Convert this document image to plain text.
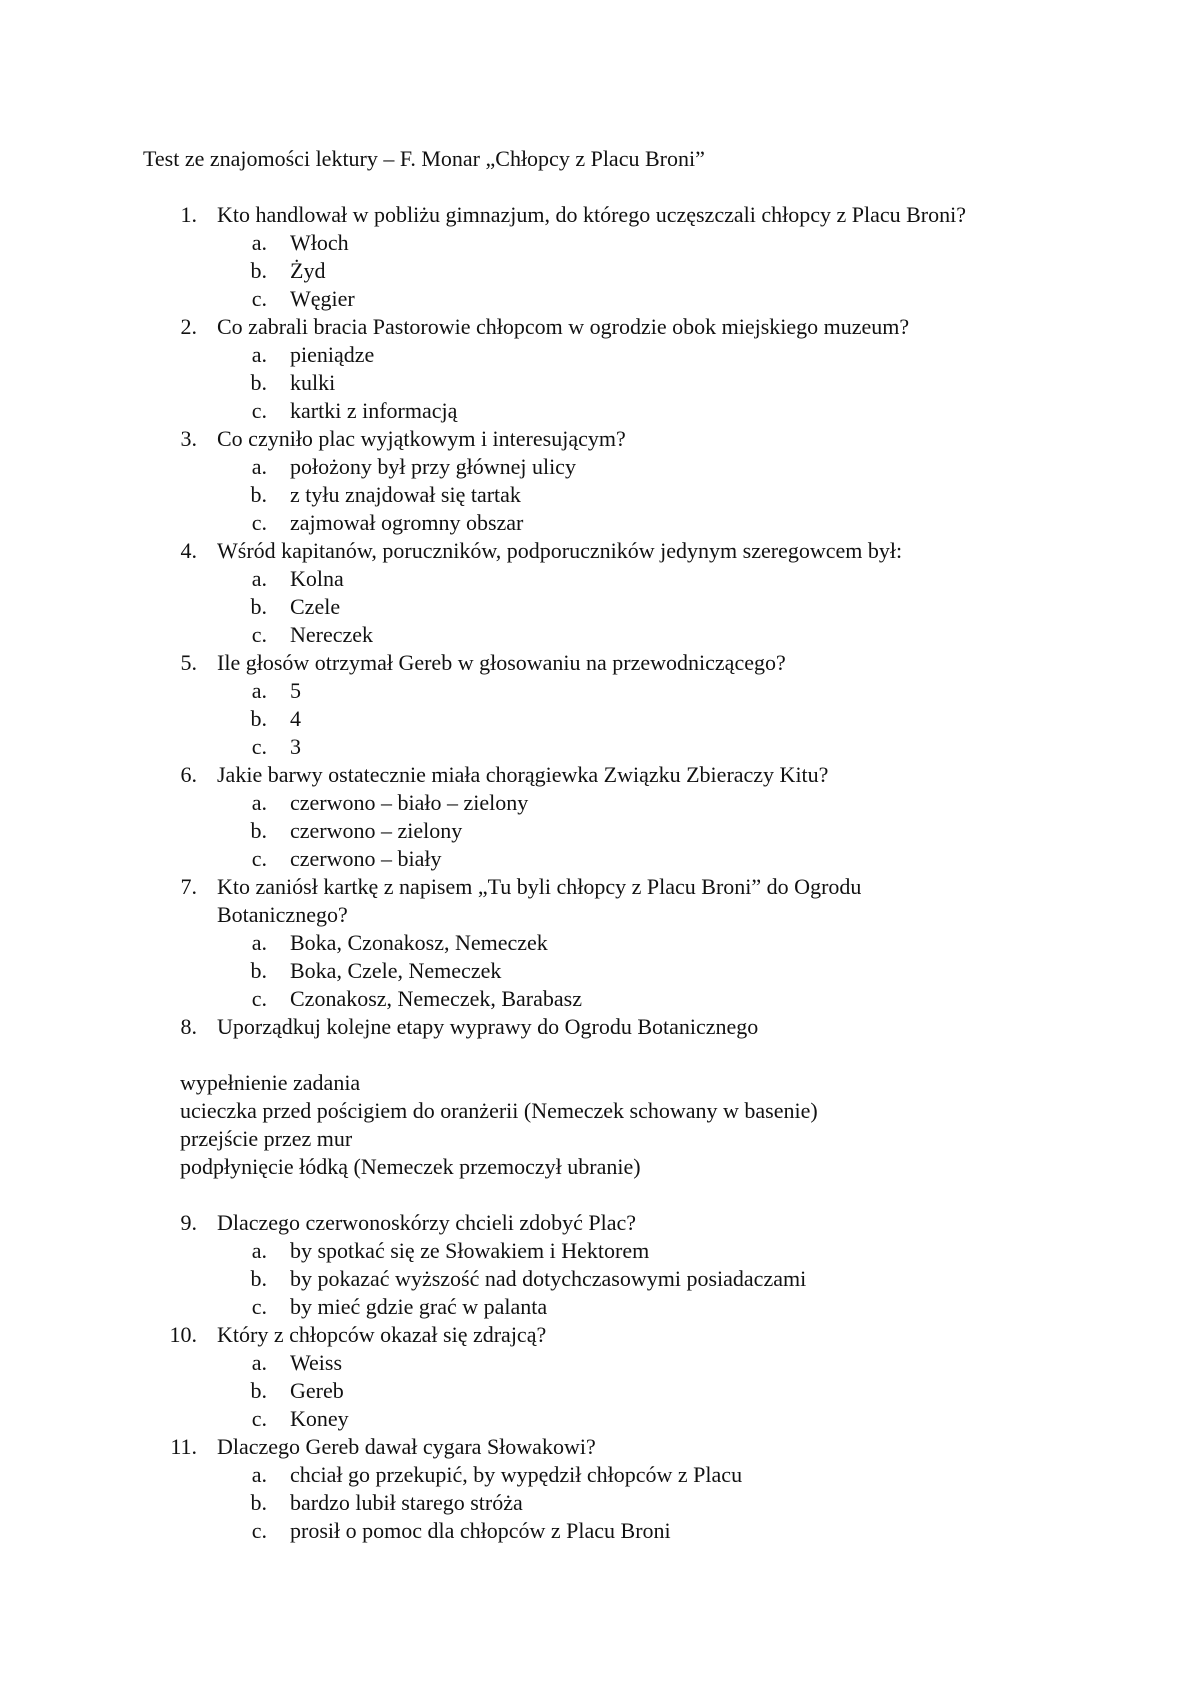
Test ze znajomości lektury – F. Monar „Chłopcy z Placu Broni”
1. Kto handlował w pobliżu gimnazjum, do którego uczęszczali chłopcy z Placu Broni?
a. Włoch
b. Żyd
c. Węgier
2. Co zabrali bracia Pastorowie chłopcom w ogrodzie obok miejskiego muzeum?
a. pieniądze
b. kulki
c. kartki z informacją
3. Co czyniło plac wyjątkowym i interesującym?
a. położony był przy głównej ulicy
b. z tyłu znajdował się tartak
c. zajmował ogromny obszar
4. Wśród kapitanów, poruczników, podporuczników jedynym szeregowcem był:
a. Kolna
b. Czele
c. Nereczek
5. Ile głosów otrzymał Gereb w głosowaniu na przewodniczącego?
a. 5
b. 4
c. 3
6. Jakie barwy ostatecznie miała chorągiewka Związku Zbieraczy Kitu?
a. czerwono – biało – zielony
b. czerwono – zielony
c. czerwono – biały
7. Kto zaniósł kartkę z napisem „Tu byli chłopcy z Placu Broni” do Ogrodu
Botanicznego?
a. Boka, Czonakosz, Nemeczek
b. Boka, Czele, Nemeczek
c. Czonakosz, Nemeczek, Barabasz
8. Uporządkuj kolejne etapy wyprawy do Ogrodu Botanicznego
wypełnienie zadania
ucieczka przed pościgiem do oranżerii (Nemeczek schowany w basenie)
przejście przez mur
podpłynięcie łódką (Nemeczek przemoczył ubranie)
9. Dlaczego czerwonoskórzy chcieli zdobyć Plac?
a. by spotkać się ze Słowakiem i Hektorem
b. by pokazać wyższość nad dotychczasowymi posiadaczami
c. by mieć gdzie grać w palanta
10. Który z chłopców okazał się zdrajcą?
a. Weiss
b. Gereb
c. Koney
11. Dlaczego Gereb dawał cygara Słowakowi?
a. chciał go przekupić, by wypędził chłopców z Placu
b. bardzo lubił starego stróża
c. prosił o pomoc dla chłopców z Placu Broni
